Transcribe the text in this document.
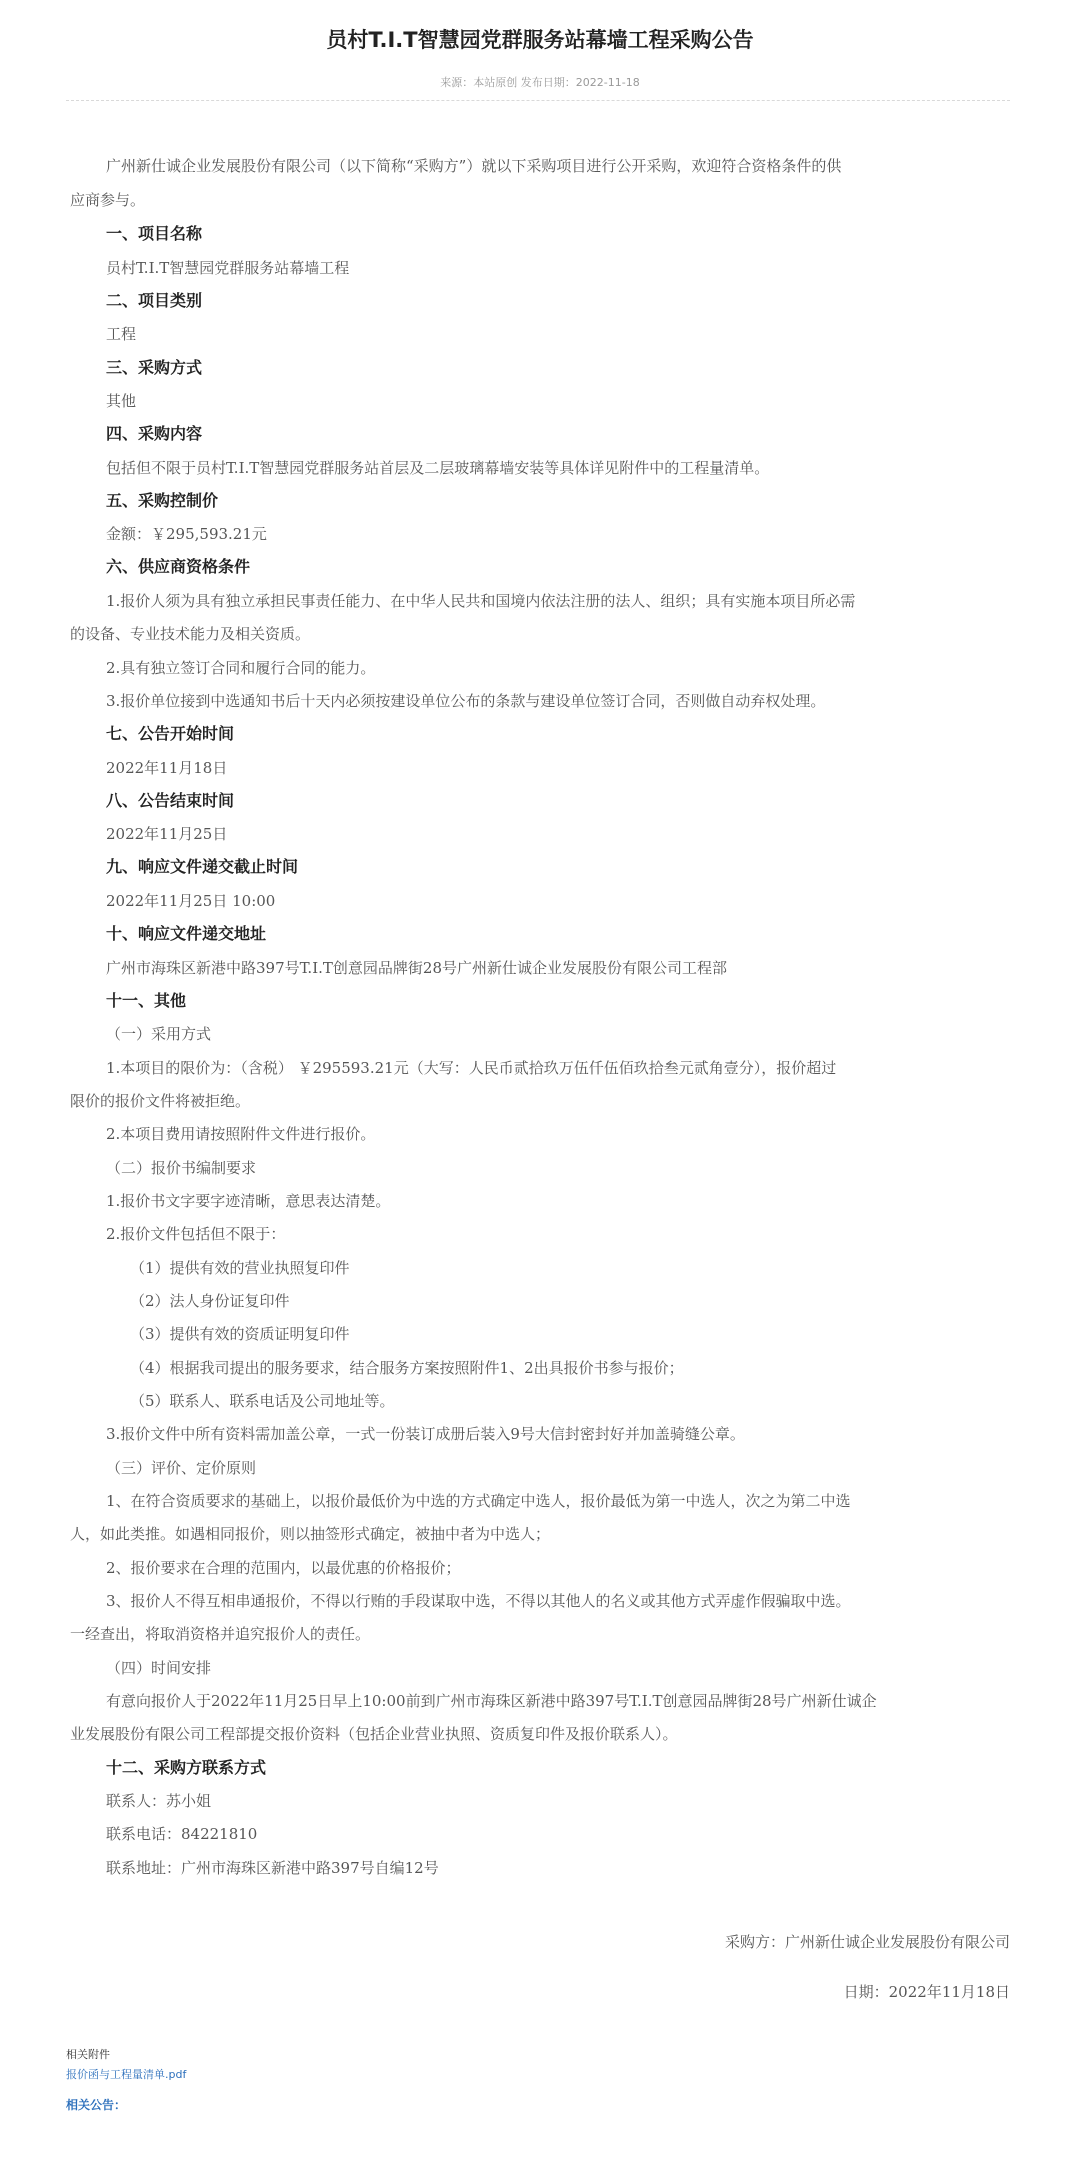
员村T.I.T智慧园党群服务站幕墙工程采购公告
来源：本站原创 发布日期：2022-11-18
广州新仕诚企业发展股份有限公司（以下简称“采购方”）就以下采购项目进行公开采购，欢迎符合资格条件的供
应商参与。
一、项目名称
员村T.I.T智慧园党群服务站幕墙工程
二、项目类别
工程
三、采购方式
其他
四、采购内容
包括但不限于员村T.I.T智慧园党群服务站首层及二层玻璃幕墙安装等具体详见附件中的工程量清单。
五、采购控制价
金额：￥295,593.21元
六、供应商资格条件
1.报价人须为具有独立承担民事责任能力、在中华人民共和国境内依法注册的法人、组织；具有实施本项目所必需
的设备、专业技术能力及相关资质。
2.具有独立签订合同和履行合同的能力。
3.报价单位接到中选通知书后十天内必须按建设单位公布的条款与建设单位签订合同，否则做自动弃权处理。
七、公告开始时间
2022年11月18日
八、公告结束时间
2022年11月25日
九、响应文件递交截止时间
2022年11月25日 10:00
十、响应文件递交地址
广州市海珠区新港中路397号T.I.T创意园品牌街28号广州新仕诚企业发展股份有限公司工程部
十一、其他
（一）采用方式
1.本项目的限价为：（含税） ￥295593.21元（大写：人民币贰拾玖万伍仟伍佰玖拾叁元贰角壹分），报价超过
限价的报价文件将被拒绝。
2.本项目费用请按照附件文件进行报价。
（二）报价书编制要求
1.报价书文字要字迹清晰，意思表达清楚。
2.报价文件包括但不限于：
（1）提供有效的营业执照复印件
（2）法人身份证复印件
（3）提供有效的资质证明复印件
（4）根据我司提出的服务要求，结合服务方案按照附件1、2出具报价书参与报价；
（5）联系人、联系电话及公司地址等。
3.报价文件中所有资料需加盖公章，一式一份装订成册后装入9号大信封密封好并加盖骑缝公章。
（三）评价、定价原则
1、在符合资质要求的基础上，以报价最低价为中选的方式确定中选人，报价最低为第一中选人，次之为第二中选
人，如此类推。如遇相同报价，则以抽签形式确定，被抽中者为中选人；
2、报价要求在合理的范围内，以最优惠的价格报价；
3、报价人不得互相串通报价，不得以行贿的手段谋取中选，不得以其他人的名义或其他方式弄虚作假骗取中选。
一经查出，将取消资格并追究报价人的责任。
（四）时间安排
有意向报价人于2022年11月25日早上10:00前到广州市海珠区新港中路397号T.I.T创意园品牌街28号广州新仕诚企
业发展股份有限公司工程部提交报价资料（包括企业营业执照、资质复印件及报价联系人）。
十二、采购方联系方式
联系人：苏小姐
联系电话：84221810
联系地址：广州市海珠区新港中路397号自编12号
采购方：广州新仕诚企业发展股份有限公司
日期：2022年11月18日
相关附件
报价函与工程量清单.pdf
相关公告：
